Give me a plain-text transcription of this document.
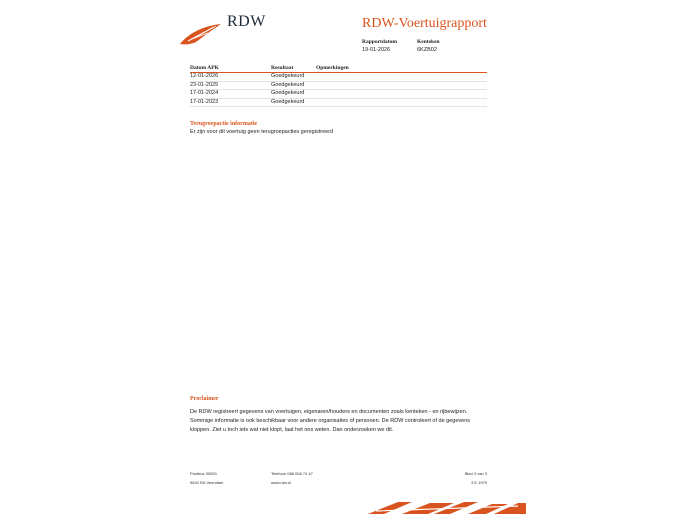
RDW	RDW-Voertuigrapport
Rapportdatum
19-01-2026
Kenteken
6KZB02
Datum APK	Resultaat	Opmerkingen
12-01-2026	Goedgekeurd
23-01-2025	Goedgekeurd
17-01-2024	Goedgekeurd
17-01-2023	Goedgekeurd
Terugroepactie informatie
Er zijn voor dit voertuig geen terugroepacties geregistreerd
Proclaimer
De RDW registreert gegevens van voertuigen, eigenaren/houders en documenten zoals kenteken - en rijbewijzen.
Sommige informatie is ook beschikbaar voor andere organisaties of personen. De RDW controleert of de gegevens
kloppen. Ziet u toch iets wat niet klopt, laat het ons weten. Dan onderzoeken we dit.
Postbus 30000
9640 RA Veendam
Telefoon 088 008 74 47
www.rdw.nl
Blad 3 van 3
3 E 1979
